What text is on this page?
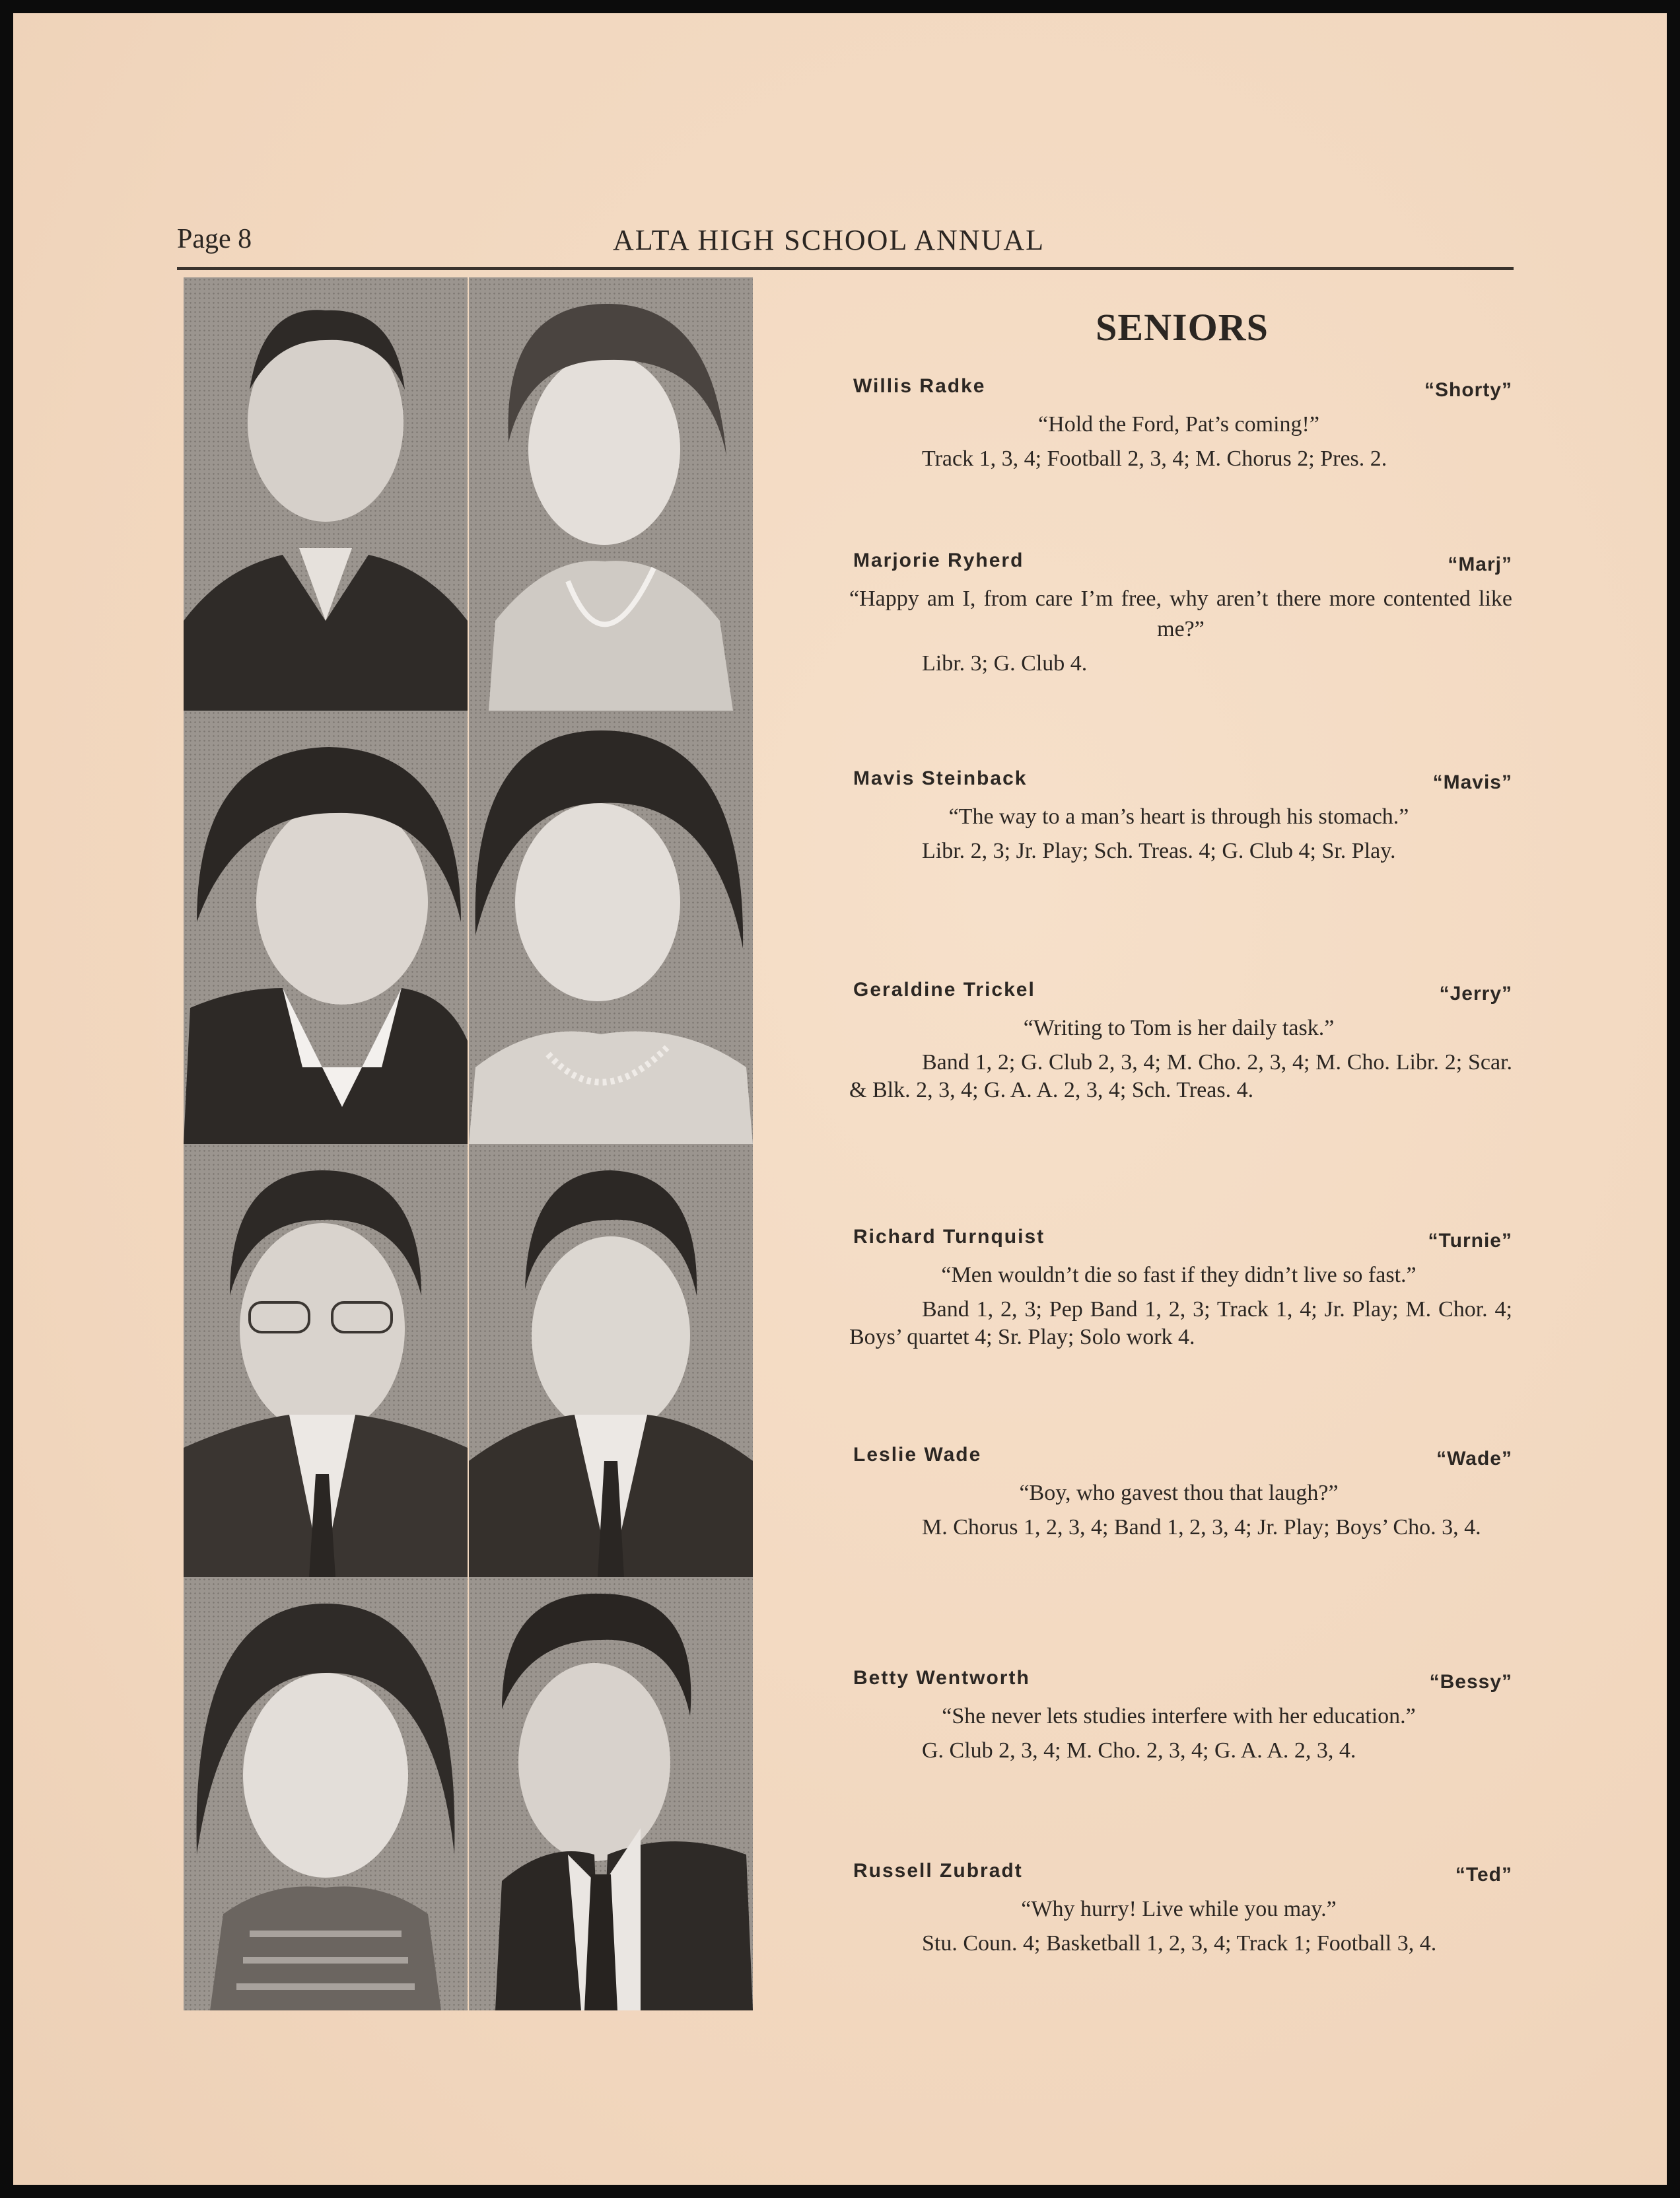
Page 8	ALTA HIGH SCHOOL ANNUAL
SENIORS
Willis Radke	“Shorty”
“Hold the Ford, Pat’s coming!”
Track 1, 3, 4; Football 2, 3, 4; M. Chorus 2; Pres. 2.
Marjorie Ryherd	“Marj”
“Happy am I, from care I’m free, why aren’t there more contented like me?”
Libr. 3; G. Club 4.
Mavis Steinback	“Mavis”
“The way to a man’s heart is through his stomach.”
Libr. 2, 3; Jr. Play; Sch. Treas. 4; G. Club 4; Sr. Play.
Geraldine Trickel	“Jerry”
“Writing to Tom is her daily task.”
Band 1, 2; G. Club 2, 3, 4; M. Cho. 2, 3, 4; M. Cho. Libr. 2; Scar. & Blk. 2, 3, 4; G. A. A. 2, 3, 4; Sch. Treas. 4.
Richard Turnquist	“Turnie”
“Men wouldn’t die so fast if they didn’t live so fast.”
Band 1, 2, 3; Pep Band 1, 2, 3; Track 1, 4; Jr. Play; M. Chor. 4; Boys’ quartet 4; Sr. Play; Solo work 4.
Leslie Wade	“Wade”
“Boy, who gavest thou that laugh?”
M. Chorus 1, 2, 3, 4; Band 1, 2, 3, 4; Jr. Play; Boys’ Cho. 3, 4.
Betty Wentworth	“Bessy”
“She never lets studies interfere with her education.”
G. Club 2, 3, 4; M. Cho. 2, 3, 4; G. A. A. 2, 3, 4.
Russell Zubradt	“Ted”
“Why hurry! Live while you may.”
Stu. Coun. 4; Basketball 1, 2, 3, 4; Track 1; Football 3, 4.
